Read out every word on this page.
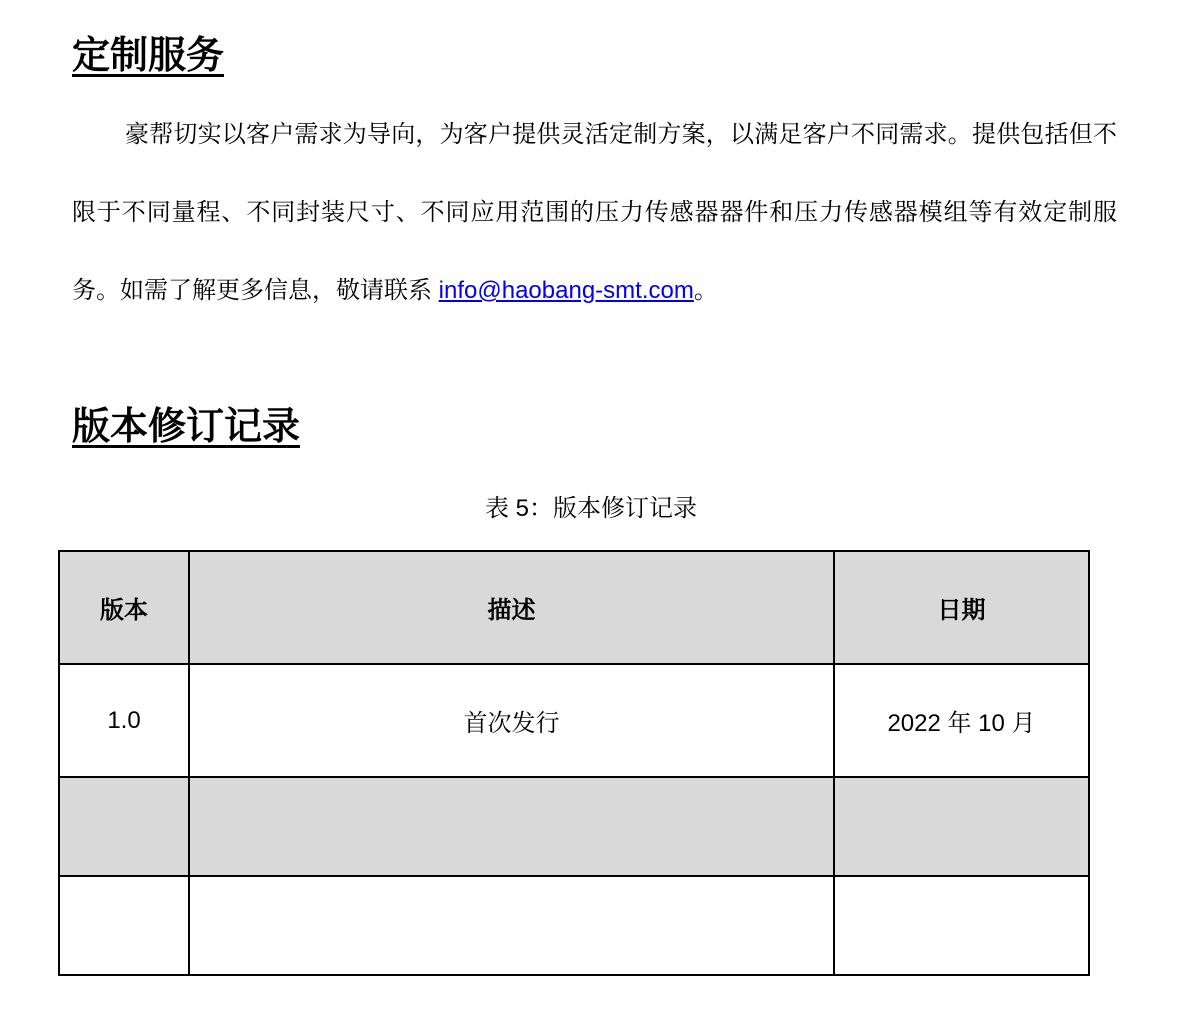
定制服务

豪帮切实以客户需求为导向，为客户提供灵活定制方案，以满足客户不同需求。提供包括但不限于不同量程、不同封装尺寸、不同应用范围的压力传感器器件和压力传感器模组等有效定制服务。如需了解更多信息，敬请联系 info@haobang-smt.com。

版本修订记录
表 5：版本修订记录
版本	描述	日期
1.0	首次发行	2022 年 10 月
